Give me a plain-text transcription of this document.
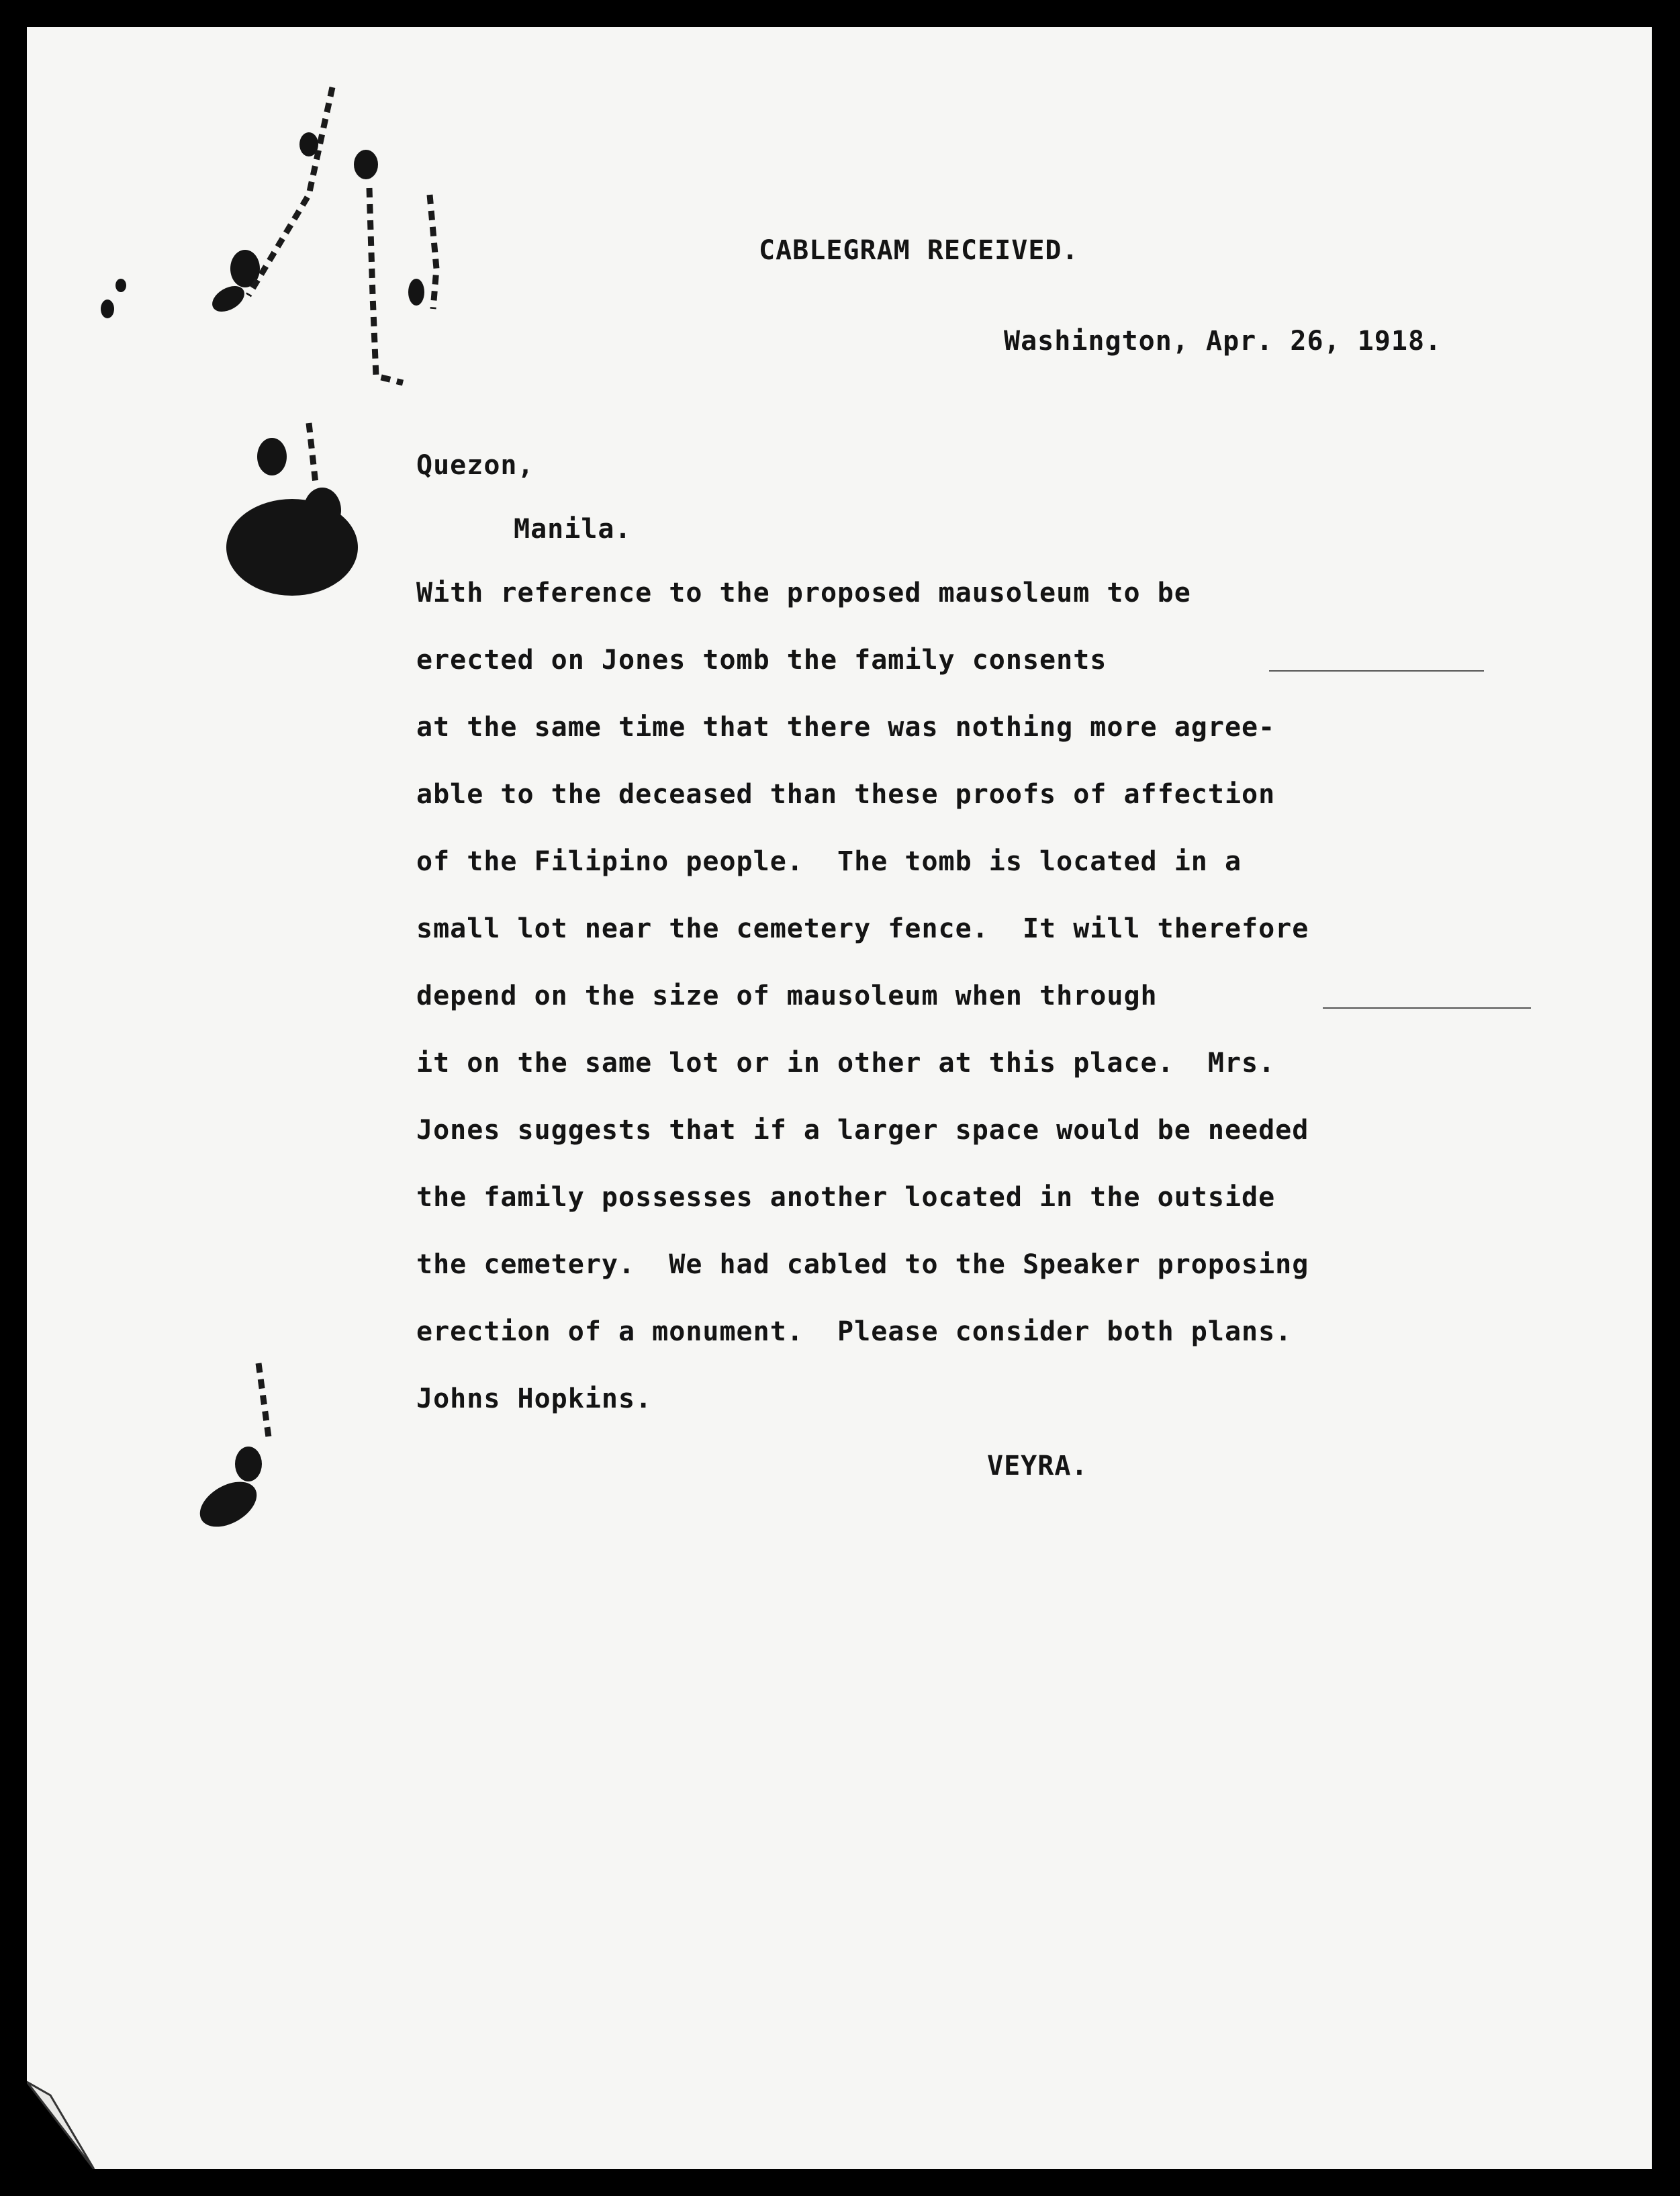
CABLEGRAM RECEIVED.
Washington, Apr. 26, 1918.
Quezon,
Manila.
With reference to the proposed mausoleum to be
erected on Jones tomb the family consents
at the same time that there was nothing more agree-
able to the deceased than these proofs of affection
of the Filipino people.  The tomb is located in a
small lot near the cemetery fence.  It will therefore
depend on the size of mausoleum when through
it on the same lot or in other at this place.  Mrs.
Jones suggests that if a larger space would be needed
the family possesses another located in the outside
the cemetery.  We had cabled to the Speaker proposing
erection of a monument.  Please consider both plans.
Johns Hopkins.
VEYRA.
